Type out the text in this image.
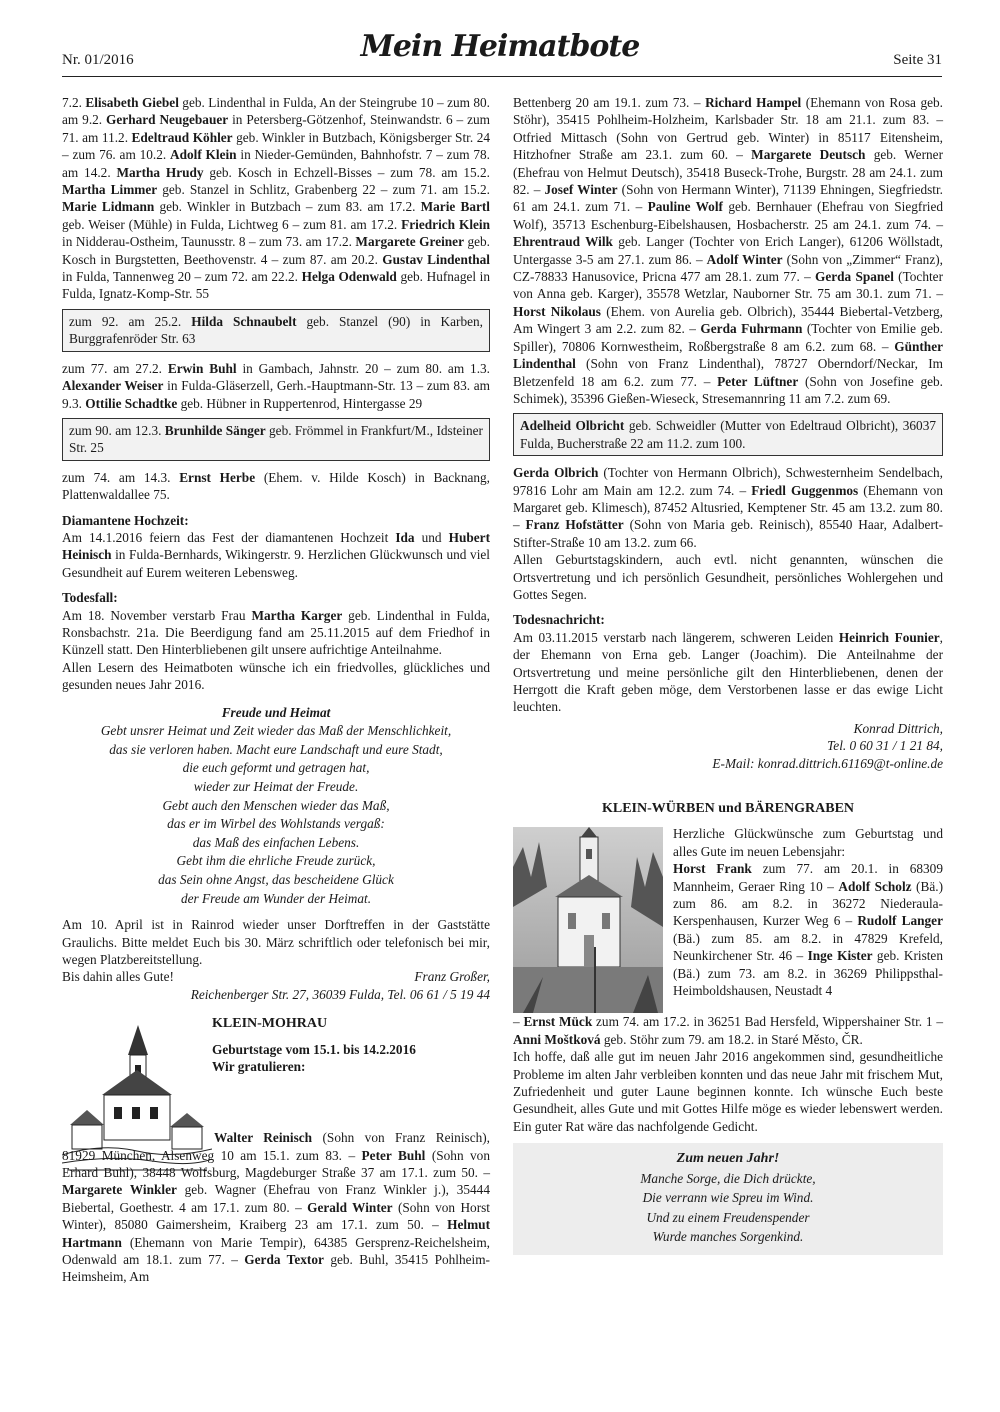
Nr. 01/2016	Mein Heimatbote	Seite 31

7.2. Elisabeth Giebel geb. Lindenthal in Fulda, An der Steingrube 10 – zum 80. am 9.2. Gerhard Neugebauer in Petersberg-Götzenhof, Steinwandstr. 6 – zum 71. am 11.2. Edeltraud Köhler geb. Winkler in Butzbach, Königsberger Str. 24 – zum 76. am 10.2. Adolf Klein in Nieder-Gemünden, Bahnhofstr. 7 – zum 78. am 14.2. Martha Hrudy geb. Kosch in Echzell-Bisses – zum 78. am 15.2. Martha Limmer geb. Stanzel in Schlitz, Grabenberg 22 – zum 71. am 15.2. Marie Lidmann geb. Winkler in Butzbach – zum 83. am 17.2. Marie Bartl geb. Weiser (Mühle) in Fulda, Lichtweg 6 – zum 81. am 17.2. Friedrich Klein in Nidderau-Ostheim, Taunusstr. 8 – zum 73. am 17.2. Margarete Greiner geb. Kosch in Burgstetten, Beethovenstr. 4 – zum 87. am 20.2. Gustav Lindenthal in Fulda, Tannenweg 20 – zum 72. am 22.2. Helga Odenwald geb. Hufnagel in Fulda, Ignatz-Komp-Str. 55

zum 92. am 25.2. Hilda Schnaubelt geb. Stanzel (90) in Karben, Burggrafenröder Str. 63

zum 77. am 27.2. Erwin Buhl in Gambach, Jahnstr. 20 – zum 80. am 1.3. Alexander Weiser in Fulda-Gläserzell, Gerh.-Hauptmann-Str. 13 – zum 83. am 9.3. Ottilie Schadtke geb. Hübner in Ruppertenrod, Hintergasse 29

zum 90. am 12.3. Brunhilde Sänger geb. Frömmel in Frankfurt/M., Idsteiner Str. 25

zum 74. am 14.3. Ernst Herbe (Ehem. v. Hilde Kosch) in Backnang, Plattenwaldallee 75.

Diamantene Hochzeit:

Am 14.1.2016 feiern das Fest der diamantenen Hochzeit Ida und Hubert Heinisch in Fulda-Bernhards, Wikingerstr. 9. Herzlichen Glückwunsch und viel Gesundheit auf Eurem weiteren Lebensweg.

Todesfall:

Am 18. November verstarb Frau Martha Karger geb. Lindenthal in Fulda, Ronsbachstr. 21a. Die Beerdigung fand am 25.11.2015 auf dem Friedhof in Künzell statt. Den Hinterbliebenen gilt unsere aufrichtige Anteilnahme.

Allen Lesern des Heimatboten wünsche ich ein friedvolles, glückliches und gesunden neues Jahr 2016.

Freude und Heimat
Gebt unsrer Heimat und Zeit wieder das Maß der Menschlichkeit,
das sie verloren haben. Macht eure Landschaft und eure Stadt,
die euch geformt und getragen hat,
wieder zur Heimat der Freude.
Gebt auch den Menschen wieder das Maß,
das er im Wirbel des Wohlstands vergaß:
das Maß des einfachen Lebens.
Gebt ihm die ehrliche Freude zurück,
das Sein ohne Angst, das bescheidene Glück
der Freude am Wunder der Heimat.

Am 10. April ist in Rainrod wieder unser Dorftreffen in der Gaststätte Graulichs. Bitte meldet Euch bis 30. März schriftlich oder telefonisch bei mir, wegen Platzbereitstellung.

Bis dahin alles Gute!	Franz Großer,
Reichenberger Str. 27, 36039 Fulda, Tel. 06 61 / 5 19 44
KLEIN-MOHRAU
Geburtstage vom 15.1. bis 14.2.2016
Wir gratulieren:

Walter Reinisch (Sohn von Franz Reinisch), 81929 München, Alsenweg 10 am 15.1. zum 83. – Peter Buhl (Sohn von Erhard Buhl), 38448 Wolfsburg, Magdeburger Straße 37 am 17.1. zum 50. – Margarete Winkler geb. Wagner (Ehefrau von Franz Winkler j.), 35444 Biebertal, Goethestr. 4 am 17.1. zum 80. – Gerald Winter (Sohn von Horst Winter), 85080 Gaimersheim, Kraiberg 23 am 17.1. zum 50. – Helmut Hartmann (Ehemann von Marie Tempir), 64385 Gersprenz-Reichelsheim, Odenwald am 18.1. zum 77. – Gerda Textor geb. Buhl, 35415 Pohlheim-Heimsheim, Am

Bettenberg 20 am 19.1. zum 73. – Richard Hampel (Ehemann von Rosa geb. Stöhr), 35415 Pohlheim-Holzheim, Karlsbader Str. 18 am 21.1. zum 83. – Otfried Mittasch (Sohn von Gertrud geb. Winter) in 85117 Eitensheim, Hitzhofner Straße am 23.1. zum 60. – Margarete Deutsch geb. Werner (Ehefrau von Helmut Deutsch), 35418 Buseck-Trohe, Burgstr. 28 am 24.1. zum 82. – Josef Winter (Sohn von Hermann Winter), 71139 Ehningen, Siegfriedstr. 61 am 24.1. zum 71. – Pauline Wolf geb. Bernhauer (Ehefrau von Siegfried Wolf), 35713 Eschenburg-Eibelshausen, Hosbacherstr. 25 am 24.1. zum 74. – Ehrentraud Wilk geb. Langer (Tochter von Erich Langer), 61206 Wöllstadt, Untergasse 3-5 am 27.1. zum 86. – Adolf Winter (Sohn von „Zimmer“ Franz), CZ-78833 Hanusovice, Pricna 477 am 28.1. zum 77. – Gerda Spanel (Tochter von Anna geb. Karger), 35578 Wetzlar, Nauborner Str. 75 am 30.1. zum 71. – Horst Nikolaus (Ehem. von Aurelia geb. Olbrich), 35444 Biebertal-Vetzberg, Am Wingert 3 am 2.2. zum 82. – Gerda Fuhrmann (Tochter von Emilie geb. Spiller), 70806 Kornwestheim, Roßbergstraße 8 am 6.2. zum 68. – Günther Lindenthal (Sohn von Franz Lindenthal), 78727 Oberndorf/Neckar, Im Bletzenfeld 18 am 6.2. zum 77. – Peter Lüftner (Sohn von Josefine geb. Schimek), 35396 Gießen-Wieseck, Stresemannring 11 am 7.2. zum 69.

Adelheid Olbricht geb. Schweidler (Mutter von Edeltraud Olbricht), 36037 Fulda, Bucherstraße 22 am 11.2. zum 100.

Gerda Olbrich (Tochter von Hermann Olbrich), Schwesternheim Sendelbach, 97816 Lohr am Main am 12.2. zum 74. – Friedl Guggenmos (Ehemann von Margaret geb. Klimesch), 87452 Altusried, Kemptener Str. 45 am 13.2. zum 80. – Franz Hofstätter (Sohn von Maria geb. Reinisch), 85540 Haar, Adalbert-Stifter-Straße 10 am 13.2. zum 66.

Allen Geburtstagskindern, auch evtl. nicht genannten, wünschen die Ortsvertretung und ich persönlich Gesundheit, persönliches Wohlergehen und Gottes Segen.

Todesnachricht:

Am 03.11.2015 verstarb nach längerem, schweren Leiden Heinrich Founier, der Ehemann von Erna geb. Langer (Joachim). Die Anteilnahme der Ortsvertretung und meine persönliche gilt den Hinterbliebenen, denen der Herrgott die Kraft geben möge, dem Verstorbenen lasse er das ewige Licht leuchten.

Konrad Dittrich,
Tel. 0 60 31 / 1 21 84,
E-Mail: konrad.dittrich.61169@t-online.de
KLEIN-WÜRBEN und BÄRENGRABEN

Herzliche Glückwünsche zum Geburtstag und alles Gute im neuen Lebensjahr:

Horst Frank zum 77. am 20.1. in 68309 Mannheim, Geraer Ring 10 – Adolf Scholz (Bä.) zum 86. am 8.2. in 36272 Niederaula-Kerspenhausen, Kurzer Weg 6 – Rudolf Langer (Bä.) zum 85. am 8.2. in 47829 Krefeld, Neunkirchener Str. 46 – Inge Kister geb. Kristen (Bä.) zum 73. am 8.2. in 36269 Philippsthal-Heimboldshausen, Neustadt 4

– Ernst Mück zum 74. am 17.2. in 36251 Bad Hersfeld, Wippershainer Str. 1 – Anni Moštková geb. Stöhr zum 79. am 18.2. in Staré Město, ČR.

Ich hoffe, daß alle gut im neuen Jahr 2016 angekommen sind, gesundheitliche Probleme im alten Jahr verbleiben konnten und das neue Jahr mit frischem Mut, Zufriedenheit und guter Laune beginnen konnte. Ich wünsche Euch beste Gesundheit, alles Gute und mit Gottes Hilfe möge es wieder lebenswert werden. Ein guter Rat wäre das nachfolgende Gedicht.

Zum neuen Jahr!
Manche Sorge, die Dich drückte,
Die verrann wie Spreu im Wind.
Und zu einem Freudenspender
Wurde manches Sorgenkind.
